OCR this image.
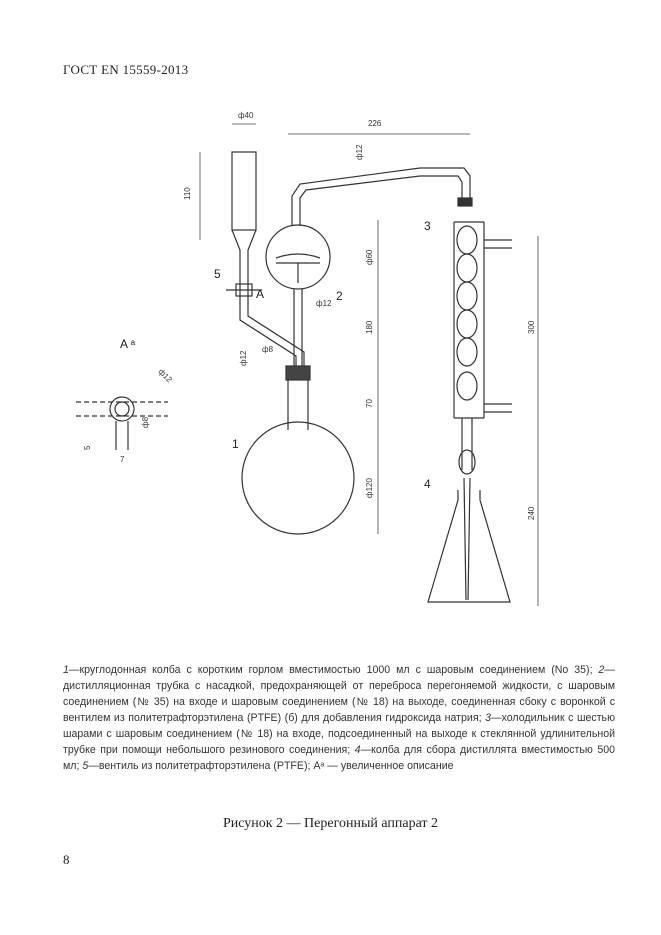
ГОСТ EN 15559-2013
ф40
110
226
ф12
ф60
ф12
180
ф12
ф8
70
ф120
300
240
ф12
ф8
5
7
1
2
3
4
5
A
A ᵃ
1—круглодонная колба с коротким горлом вместимостью 1000 мл с шаровым соединением (No 35); 2—дистилляционная трубка с насадкой, предохраняющей от переброса перегоняемой жидкости, с шаровым соединением (№ 35) на входе и шаровым соединением (№ 18) на выходе, соединенная сбоку с воронкой с вентилем из политетрафторэтилена (PTFE) (б) для добавления гидроксида натрия; 3—холодильник с шестью шарами с шаровым соединением (№ 18) на входе, подсоединенный на выходе к стеклянной удлинительной трубке при помощи небольшого резинового соединения; 4—колба для сбора дистиллята вместимостью 500 мл; 5—вентиль из политетрафторэтилена (PTFE); Aᵃ — увеличенное описание
Рисунок 2 — Перегонный аппарат 2
8
